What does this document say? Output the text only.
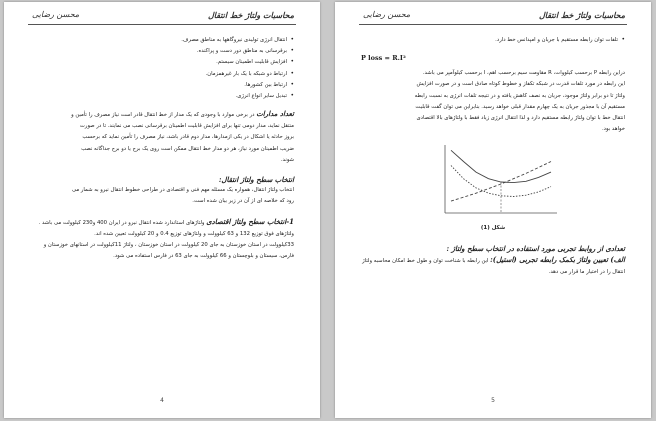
محاسبات ولتاژ خط انتقال
محسن رضایی
• انتقال انرژی تولیدی نیروگاهها به مناطق مصرف.
• برقرسانی به مناطق دور دست و پراکنده.
• افزایش قابلیت اطمینان سیستم.
• ارتباط دو شبکه با یک بار غیرهمزمان.
• ارتباط بین کشورها.
• تبدیل سایر انواع انرژی.

تعداد مدارات در برخی موارد با وجودی که یک مدار از خط انتقال قادر است نیاز مصرف را تأمین و

منتقل نماید، مدار دومی تنها برای افزایش قابلیت اطمینان برقرسانی نصب می نمایند. تا در صورت

بروز حادثه یا اشکال در یکی ازمدارها، مدار دوم قادر باشد، نیاز مصرف را تأمین نماید که برحسب

ضریب اطمینان مورد نیاز، هر دو مدار خط انتقال ممکن است روی یک برج یا دو برج جداگانه نصب

شوند.

انتخاب سطح ولتاژ انتقال:

انتخاب ولتاژ انتقال، همواره یک مسئله مهم فنی و اقتصادی در طراحی خطوط انتقال نیرو به شمار می

رود که خلاصه ای از آن در زیر بیان شده است.

1-انتخاب سطح ولتاژ اقتصادی ولتاژهای استاندارد شده انتقال نیرو در ایران 400 و230 کیلوولت می باشد .

ولتاژهای فوق توزیع 132 و 63 کیلوولت و ولتاژهای توزیع 0.4 و 20 کیلوولت تعیین شده اند.

33کیلوولت در استان خوزستان به جای 20 کیلوولت در استان خوزستان ، ولتاژ 11کیلوولت در استانهای خوزستان و

فارس، سیستان و بلوچستان و 66 کیلوولت به جای 63 در فارس استفاده می شود.

4
محاسبات ولتاژ خط انتقال
محسن رضایی
• تلفات توان رابطه مستقیم با جریان و امپدانس خط دارد.
P loss = R.I²

دراین رابطه P برحسب کیلووات، R مقاومت سیم برحسب اهم، I برحسب کیلوآمپر می باشد.

این رابطه در مورد تلفات قدرت در شبکه تکفاز و خطوط کوتاه صادق است و در صورت افزایش

ولتاژ تا دو برابر ولتاژ موجود، جریان به نصف کاهش یافته و در نتیجه تلفات انرژی به نسبت رابطه

مستقیم آن با مجذور جریان به یک چهارم مقدار قبلی خواهد رسید. بنابراین می توان گفت قابلیت

انتقال خط با توان ولتاژ رابطه مستقیم دارد و لذا انتقال انرژی زیاد فقط با ولتاژهای بالا اقتصادی

خواهد بود.

شکل (1)

تعدادی از روابط تجربی مورد استفاده در انتخاب سطح ولتاژ :

الف) تعیین ولتاژ بکمک رابطه تجربی (استیل): این رابطه با شناخت توان و طول خط امکان محاسبه ولتاژ

انتقال را در اختیار ما قرار می دهد.

5
